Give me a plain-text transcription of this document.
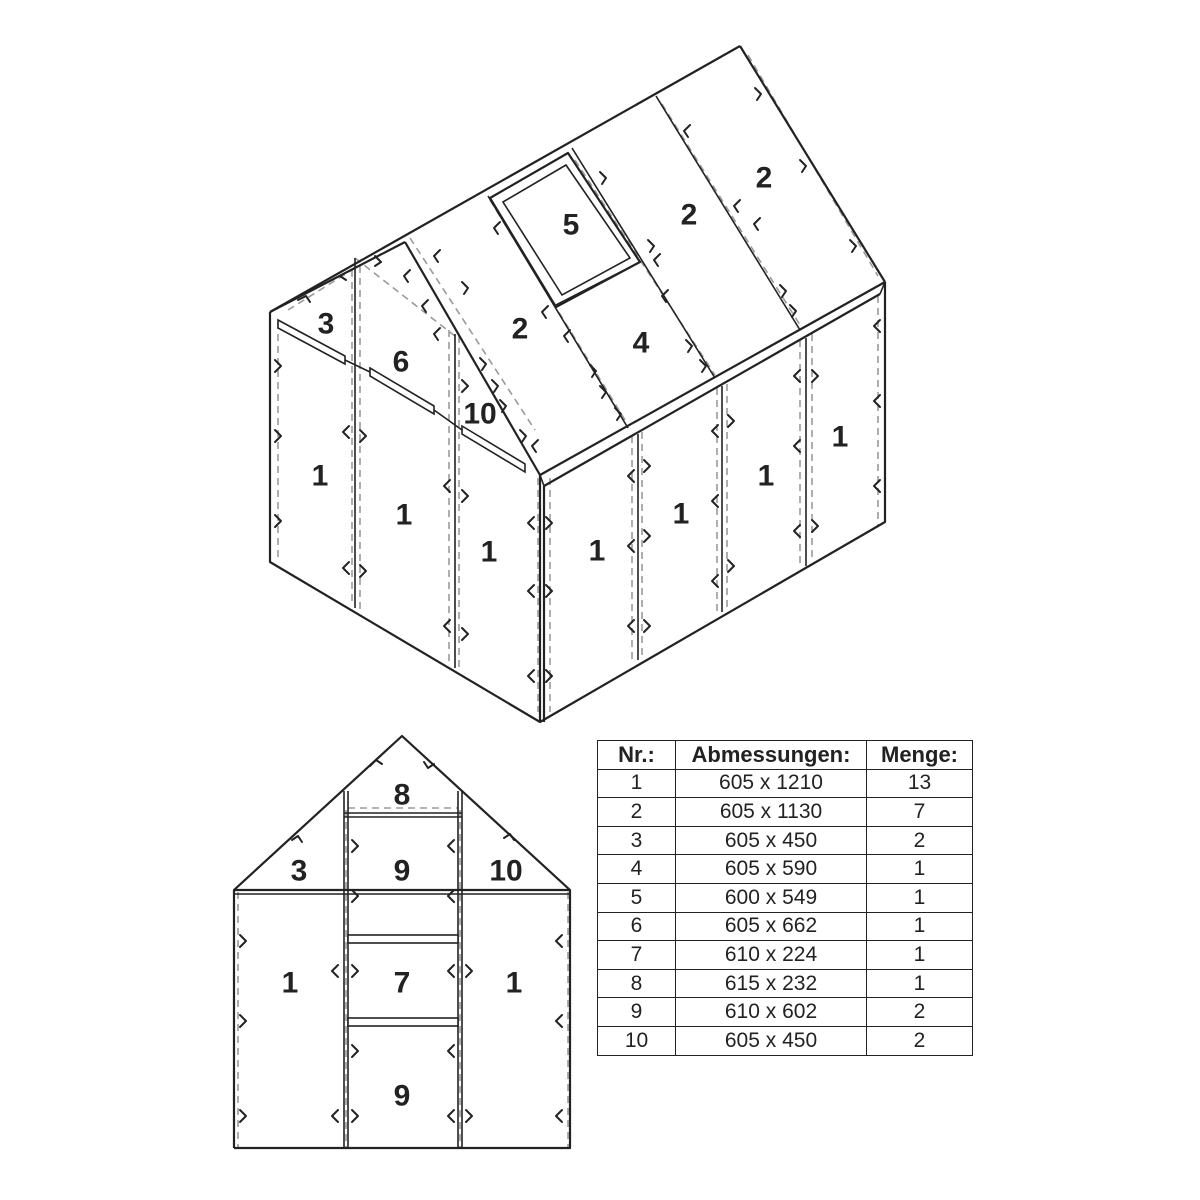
3
6
10
1
1
1	1
1
1
1
2	4
5	2
2
8
3	9	10
1	7	1
9
Nr.:	Abmessungen:	Menge:
1	605 x 1210	13
2	605 x 1130	7
3	605 x 450	2
4	605 x 590	1
5	600 x 549	1
6	605 x 662	1
7	610 x 224	1
8	615 x 232	1
9	610 x 602	2
10	605 x 450	2
